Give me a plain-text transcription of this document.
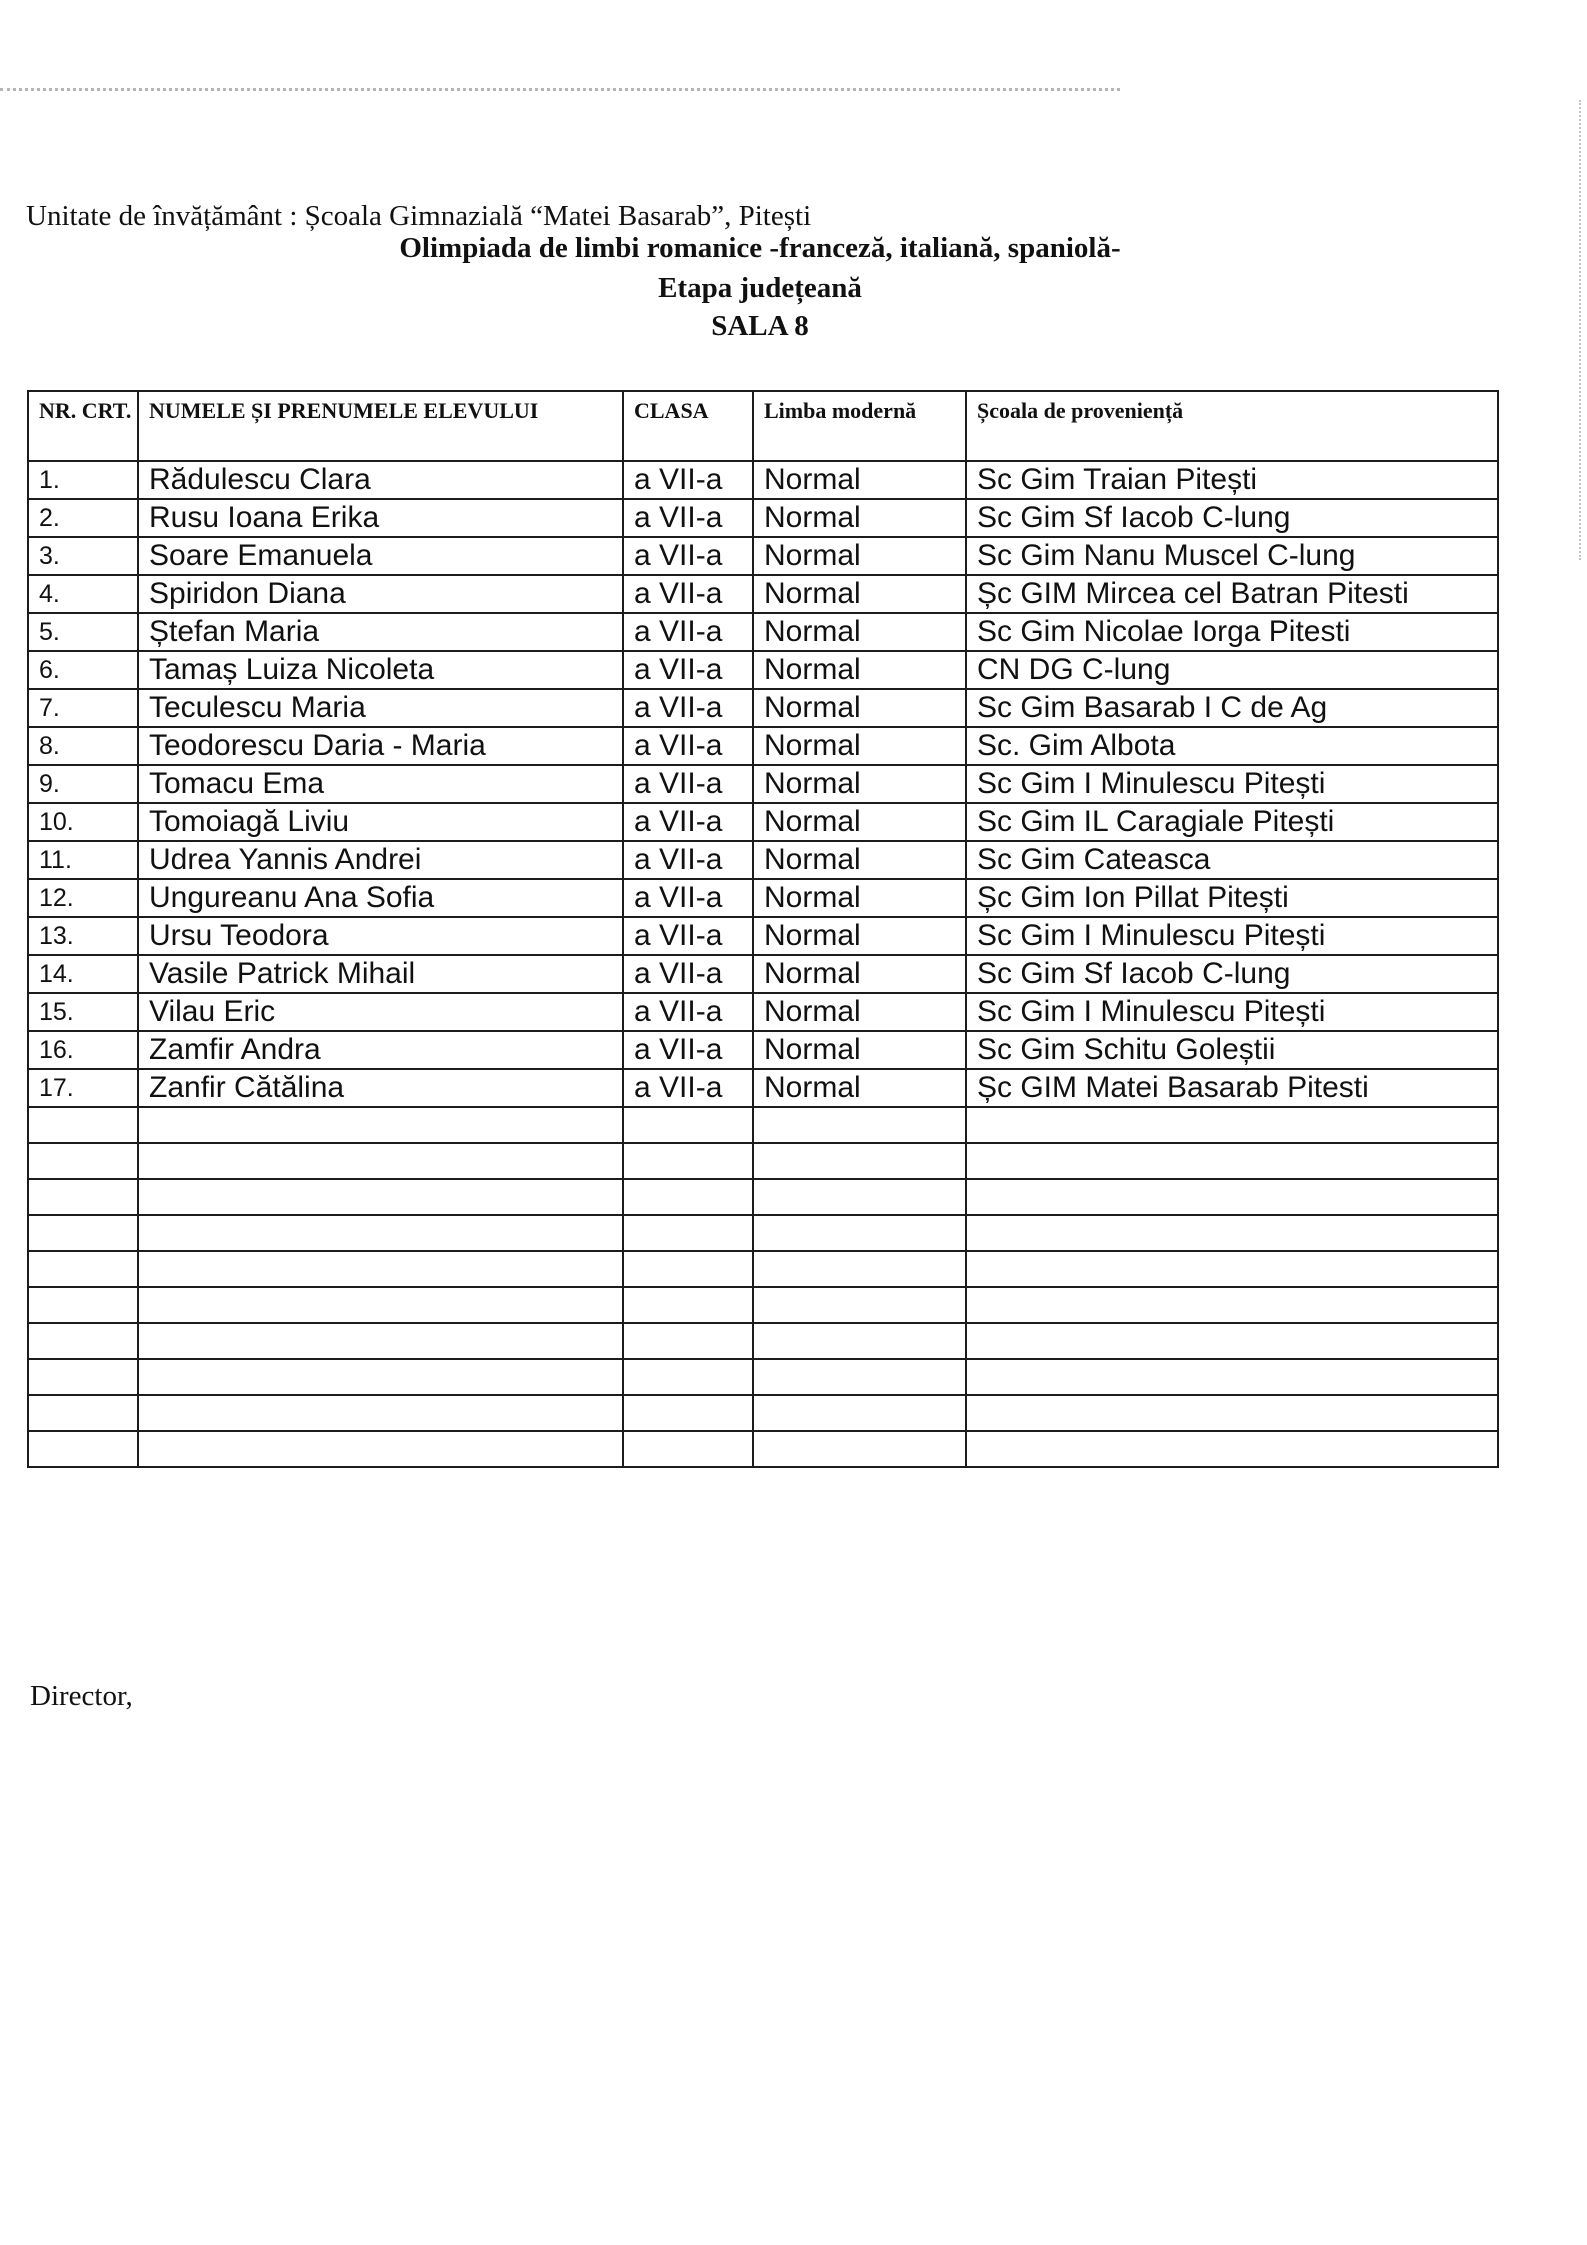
Unitate de învățământ : Școala Gimnazială “Matei Basarab”, Pitești
Olimpiada de limbi romanice -franceză, italiană, spaniolă-
Etapa județeană
SALA 8
NR. CRT.	NUMELE ȘI PRENUMELE ELEVULUI	CLASA	Limba modernă	Școala de proveniență
1.	Rădulescu Clara	a VII-a	Normal	Sc Gim Traian Pitești
2.	Rusu Ioana Erika	a VII-a	Normal	Sc Gim Sf Iacob C-lung
3.	Soare Emanuela	a VII-a	Normal	Sc Gim Nanu Muscel C-lung
4.	Spiridon Diana	a VII-a	Normal	Șc GIM Mircea cel Batran Pitesti
5.	Ștefan Maria	a VII-a	Normal	Sc Gim Nicolae Iorga Pitesti
6.	Tamaș Luiza Nicoleta	a VII-a	Normal	CN DG C-lung
7.	Teculescu Maria	a VII-a	Normal	Sc Gim Basarab I C de Ag
8.	Teodorescu Daria - Maria	a VII-a	Normal	Sc. Gim Albota
9.	Tomacu Ema	a VII-a	Normal	Sc Gim I Minulescu Pitești
10.	Tomoiagă Liviu	a VII-a	Normal	Sc Gim IL Caragiale Pitești
11.	Udrea Yannis Andrei	a VII-a	Normal	Sc Gim Cateasca
12.	Ungureanu Ana Sofia	a VII-a	Normal	Șc Gim Ion Pillat Pitești
13.	Ursu Teodora	a VII-a	Normal	Sc Gim I Minulescu Pitești
14.	Vasile Patrick Mihail	a VII-a	Normal	Sc Gim Sf Iacob C-lung
15.	Vilau Eric	a VII-a	Normal	Sc Gim I Minulescu Pitești
16.	Zamfir Andra	a VII-a	Normal	Sc Gim Schitu Goleștii
17.	Zanfir Cătălina	a VII-a	Normal	Șc GIM Matei Basarab Pitesti

Director,
